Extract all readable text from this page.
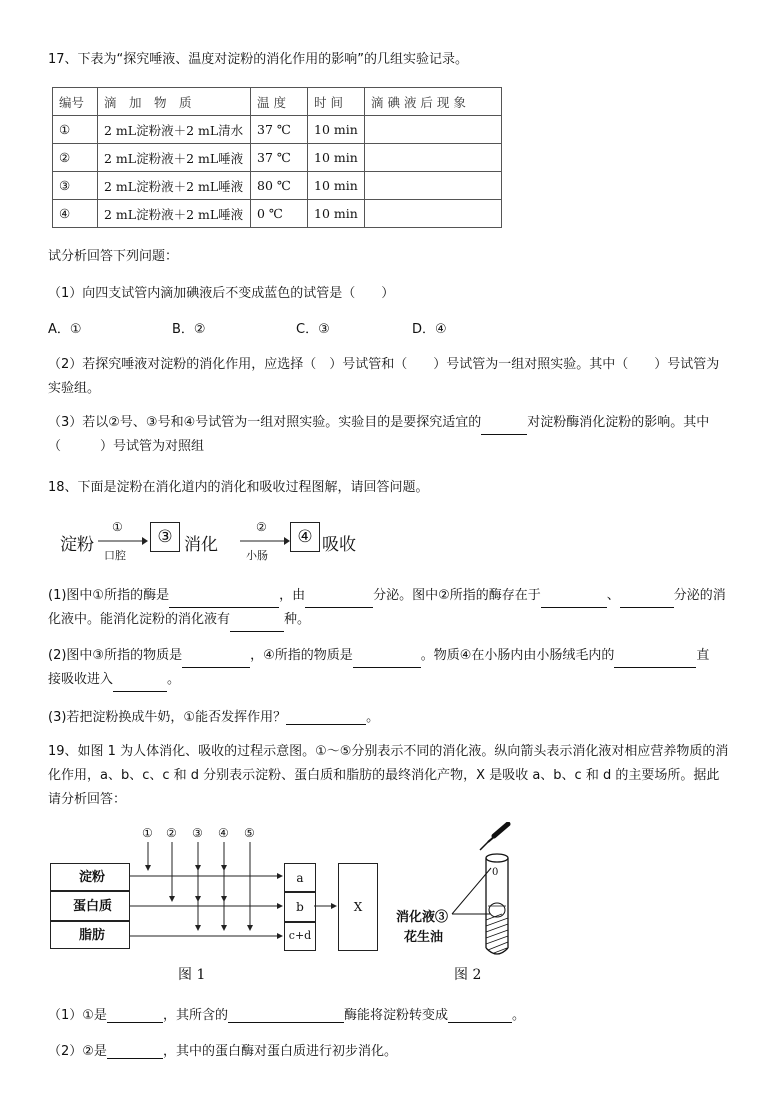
17、下表为“探究唾液、温度对淀粉的消化作用的影响”的几组实验记录。
编号	滴　加　物　质	温 度	时 间	滴 碘 液 后 现 象
①	2 mL淀粉液＋2 mL清水	37 ℃	10 min	
②	2 mL淀粉液＋2 mL唾液	37 ℃	10 min	
③	2 mL淀粉液＋2 mL唾液	80 ℃	10 min	
④	2 mL淀粉液＋2 mL唾液	0 ℃	10 min	
试分析回答下列问题：
（1）向四支试管内滴加碘液后不变成蓝色的试管是（　　）
A．①	B．②	C．③	D．④
（2）若探究唾液对淀粉的消化作用，应选择（　）号试管和（　　）号试管为一组对照实验。其中（　　）号试管为实验组。
（3）若以②号、③号和④号试管为一组对照实验。实验目的是要探究适宜的	对淀粉酶消化淀粉的影响。其中（　　　）号试管为对照组
18、下面是淀粉在消化道内的消化和吸收过程图解，请回答问题。
淀粉
①
口腔
③ 消化
②
小肠
④ 吸收
(1)图中①所指的酶是	，由	分泌。图中②所指的酶存在于	、	分泌的消
化液中。能消化淀粉的消化液有	种。
(2)图中③所指的物质是	，④所指的物质是	。物质④在小肠内由小肠绒毛内的	直
接吸收进入	。
(3)若把淀粉换成牛奶，①能否发挥作用？	。
19、如图 1 为人体消化、吸收的过程示意图。①～⑤分别表示不同的消化液。纵向箭头表示消化液对相应营养物质的消化作用，a、b、c、c 和 d 分别表示淀粉、蛋白质和脂肪的最终消化产物，X 是吸收 a、b、c 和 d 的主要场所。据此请分析回答：
① ② ③ ④ ⑤
淀粉
蛋白质
脂肪
a
b
c+d
X
图 1
0
消化液③
花生油
图 2
（1）①是	，其所含的	酶能将淀粉转变成	。
（2）②是	，其中的蛋白酶对蛋白质进行初步消化。
